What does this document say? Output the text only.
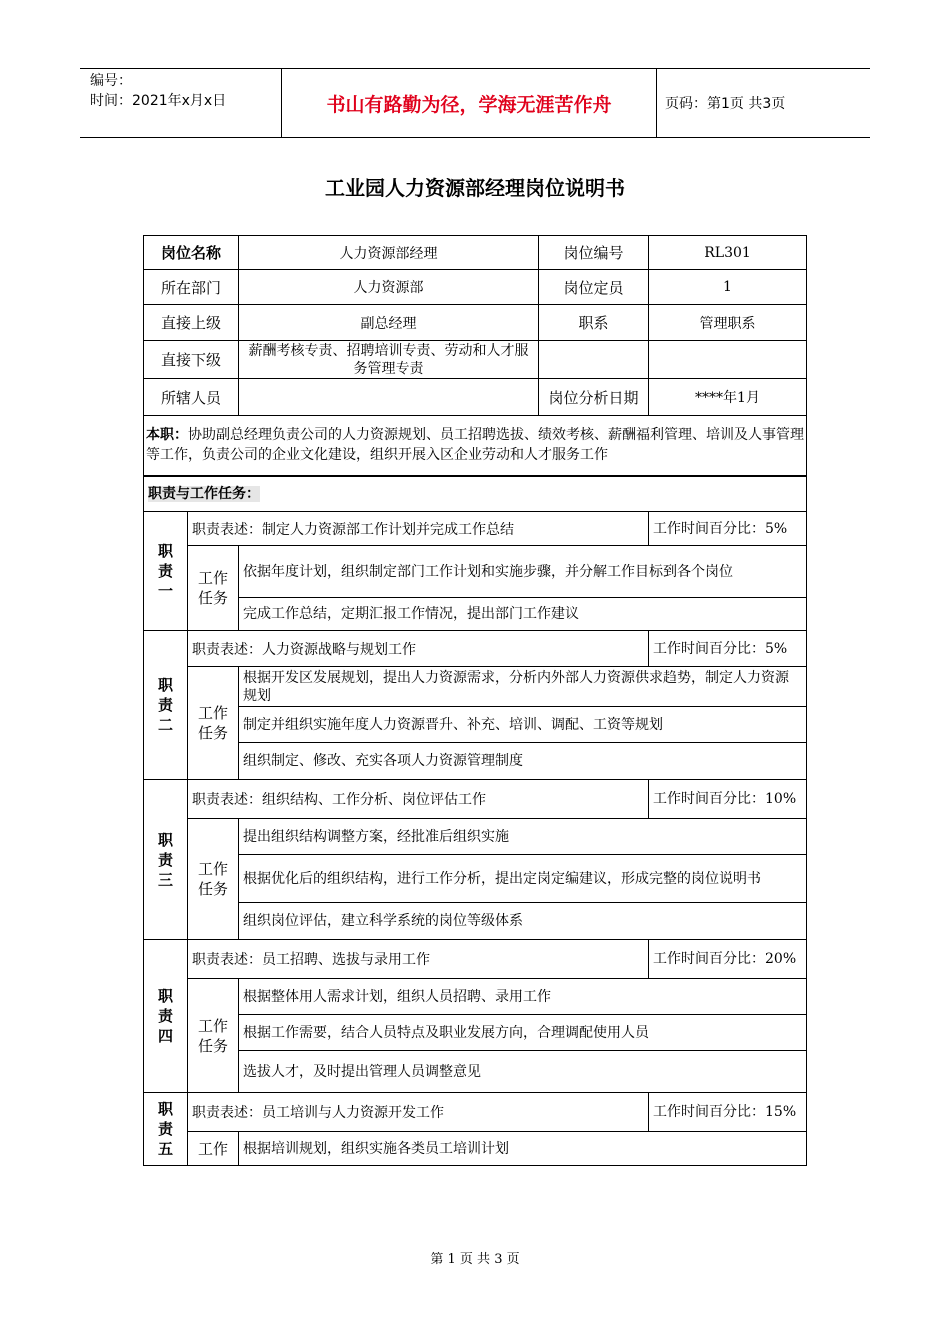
编号：
时间：2021年x月x日	书山有路勤为径，学海无涯苦作舟	页码：第1页 共3页
工业园人力资源部经理岗位说明书
岗位名称		人力资源部经理	岗位编号	RL301
所在部门		人力资源部	岗位定员	1
直接上级		副总经理	职系	管理职系
直接下级		薪酬考核专责、招聘培训专责、劳动和人才服务管理专责		
所辖人员			岗位分析日期	****年1月
本职：协助副总经理负责公司的人力资源规划、员工招聘选拔、绩效考核、薪酬福利管理、培训及人事管理等工作，负责公司的企业文化建设，组织开展入区企业劳动和人才服务工作				
职责与工作任务：				
职
责
一	职责表述：制定人力资源部工作计划并完成工作总结			工作时间百分比：5%
	工作
任务	依据年度计划，组织制定部门工作计划和实施步骤，并分解工作目标到各个岗位		
		完成工作总结，定期汇报工作情况，提出部门工作建议		
职
责
二	职责表述：人力资源战略与规划工作			工作时间百分比：5%
	工作
任务	根据开发区发展规划，提出人力资源需求，分析内外部人力资源供求趋势，制定人力资源规划		
		制定并组织实施年度人力资源晋升、补充、培训、调配、工资等规划		
		组织制定、修改、充实各项人力资源管理制度		
职
责
三	职责表述：组织结构、工作分析、岗位评估工作			工作时间百分比：10%
	工作
任务	提出组织结构调整方案，经批准后组织实施		
		根据优化后的组织结构，进行工作分析，提出定岗定编建议，形成完整的岗位说明书		
		组织岗位评估，建立科学系统的岗位等级体系		
职
责
四	职责表述：员工招聘、选拔与录用工作			工作时间百分比：20%
	工作
任务	根据整体用人需求计划，组织人员招聘、录用工作		
		根据工作需要，结合人员特点及职业发展方向，合理调配使用人员		
		选拔人才，及时提出管理人员调整意见		
职
责
五	职责表述：员工培训与人力资源开发工作			工作时间百分比：15%
	工作	根据培训规划，组织实施各类员工培训计划		
第 1 页 共 3 页
